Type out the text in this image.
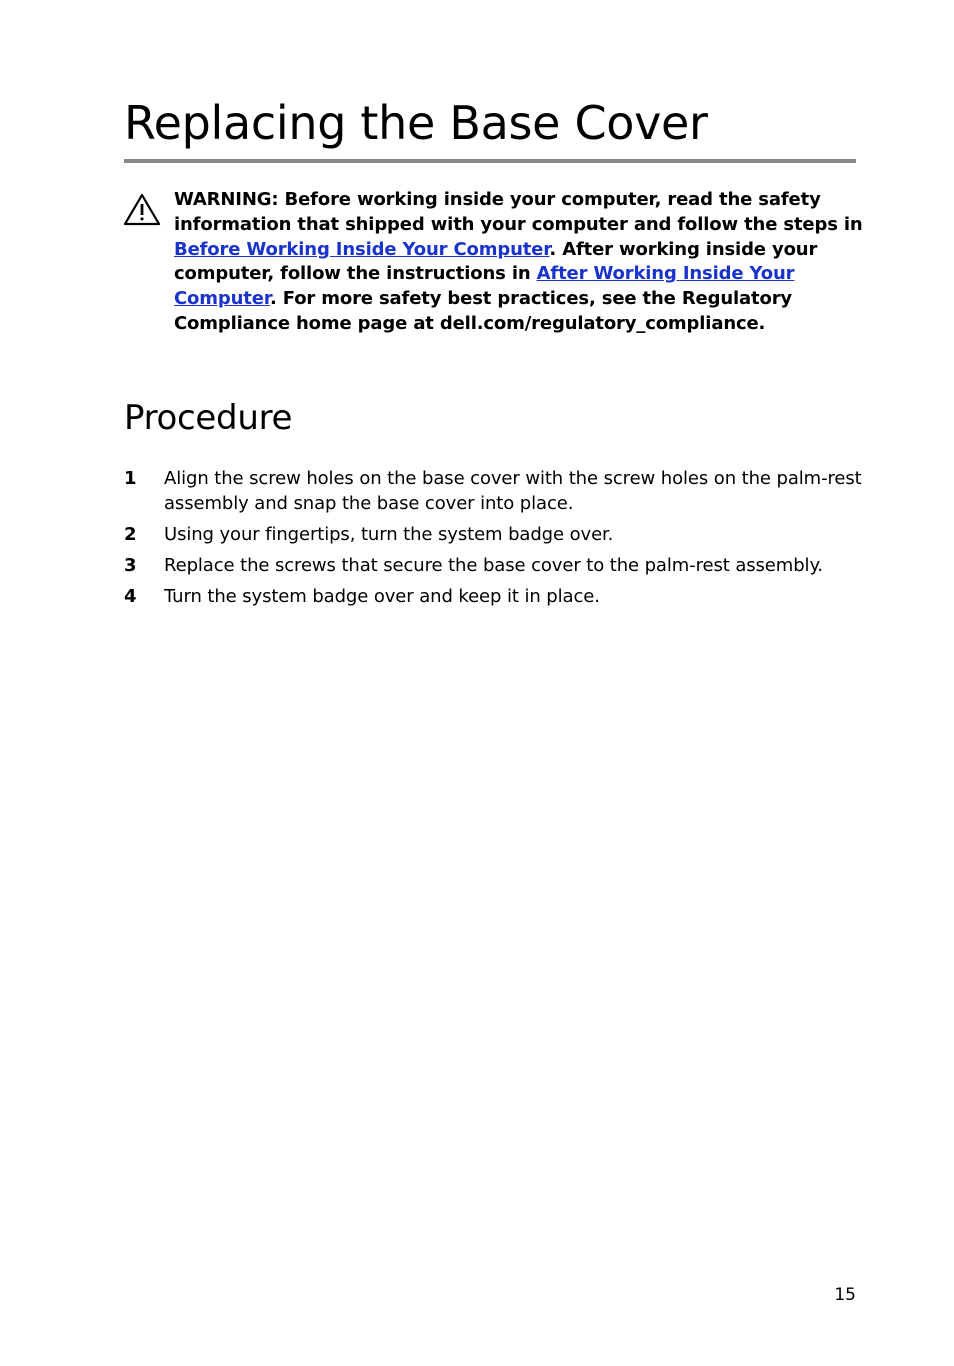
Replacing the Base Cover

WARNING: Before working inside your computer, read the safety information that shipped with your computer and follow the steps in Before Working Inside Your Computer. After working inside your computer, follow the instructions in After Working Inside Your Computer. For more safety best practices, see the Regulatory Compliance home page at dell.com/regulatory_compliance.

Procedure
1	Align the screw holes on the base cover with the screw holes on the palm-rest assembly and snap the base cover into place.
2	Using your fingertips, turn the system badge over.
3	Replace the screws that secure the base cover to the palm-rest assembly.
4	Turn the system badge over and keep it in place.
15
